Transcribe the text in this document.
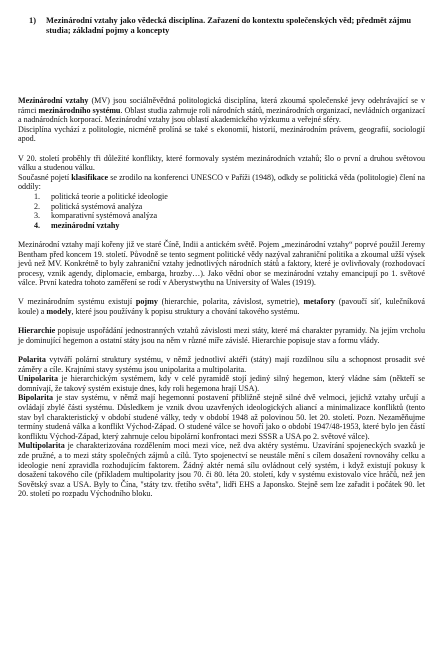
1)	Mezinárodní vztahy jako vědecká disciplína. Zařazení do kontextu společenských věd; předmět zájmu studia; základní pojmy a koncepty

Mezinárodní vztahy (MV) jsou sociálněvědná politologická disciplína, která zkoumá společenské jevy odehrávající se v rámci mezinárodního systému. Oblast studia zahrnuje roli národních států, mezinárodních organizací, nevládních organizací a nadnárodních korporací. Mezinárodní vztahy jsou oblastí akademického výzkumu a veřejné sféry.

Disciplína vychází z politologie, nicméně prolíná se také s ekonomií, historií, mezinárodním právem, geografií, sociologií apod.

V 20. století proběhly tři důležité konflikty, které formovaly systém mezinárodních vztahů; šlo o první a druhou světovou válku a studenou válku.

Současné pojetí klasifikace se zrodilo na konferenci UNESCO v Paříži (1948), odkdy se politická věda (politologie) člení na oddíly:

1. politická teorie a politické ideologie
2. politická systémová analýza
3. komparativní systémová analýza
4. mezinárodní vztahy

Mezinárodní vztahy mají kořeny již ve staré Číně, Indii a antickém světě. Pojem „mezinárodní vztahy“ poprvé použil Jeremy Bentham před koncem 19. století. Původně se tento segment politické vědy nazýval zahraniční politika a zkoumal užší výsek jevů než MV. Konkrétně to byly zahraniční vztahy jednotlivých národních států a faktory, které je ovlivňovaly (rozhodovací procesy, vznik agendy, diplomacie, embarga, hrozby…). Jako vědní obor se mezinárodní vztahy emancipují po 1. světové válce. První katedra tohoto zaměření se rodí v Aberystwythu na University of Wales (1919).

V mezinárodním systému existují pojmy (hierarchie, polarita, závislost, symetrie), metafory (pavoučí síť, kulečníková koule) a modely, které jsou používány k popisu struktury a chování takového systému.

Hierarchie popisuje uspořádání jednostranných vztahů závislosti mezi státy, které má charakter pyramidy. Na jejím vrcholu je dominující hegemon a ostatní státy jsou na něm v různé míře závislé. Hierarchie popisuje stav a formu vlády.

Polarita vytváří polární struktury systému, v němž jednotliví aktéři (státy) mají rozdílnou sílu a schopnost prosadit své záměry a cíle. Krajními stavy systému jsou unipolarita a multipolarita.

Unipolarita je hierarchickým systémem, kdy v celé pyramidě stojí jediný silný hegemon, který vládne sám (někteří se domnívají, že takový systém existuje dnes, kdy roli hegemona hrají USA).

Bipolarita je stav systému, v němž mají hegemonní postavení přibližně stejně silné dvě velmoci, jejichž vztahy určují a ovládají zbylé části systému. Důsledkem je vznik dvou uzavřených ideologických aliancí a minimalizace konfliktů (tento stav byl charakteristický v období studené války, tedy v období 1948 až polovinou 50. let 20. století. Pozn. Nezaměňujme termíny studená válka a konflikt Východ-Západ. O studené válce se hovoří jako o období 1947/48-1953, které bylo jen částí konfliktu Východ-Západ, který zahrnuje celou bipolární konfrontaci mezi SSSR a USA po 2. světové válce).

Multipolarita je charakterizována rozdělením moci mezi více, než dva aktéry systému. Uzavírání spojeneckých svazků je zde pružné, a to mezi státy společných zájmů a cílů. Tyto spojenectví se neustále mění s cílem dosažení rovnováhy celku a ideologie není zpravidla rozhodujícím faktorem. Žádný aktér nemá sílu ovládnout celý systém, i když existují pokusy k dosažení takového cíle (příkladem multipolarity jsou 70. či 80. léta 20. století, kdy v systému existovalo více hráčů, než jen Sovětský svaz a USA. Byly to Čína, "státy tzv. třetího světa", lidři EHS a Japonsko. Stejně sem lze zařadit i počátek 90. let 20. století po rozpadu Východního bloku.
